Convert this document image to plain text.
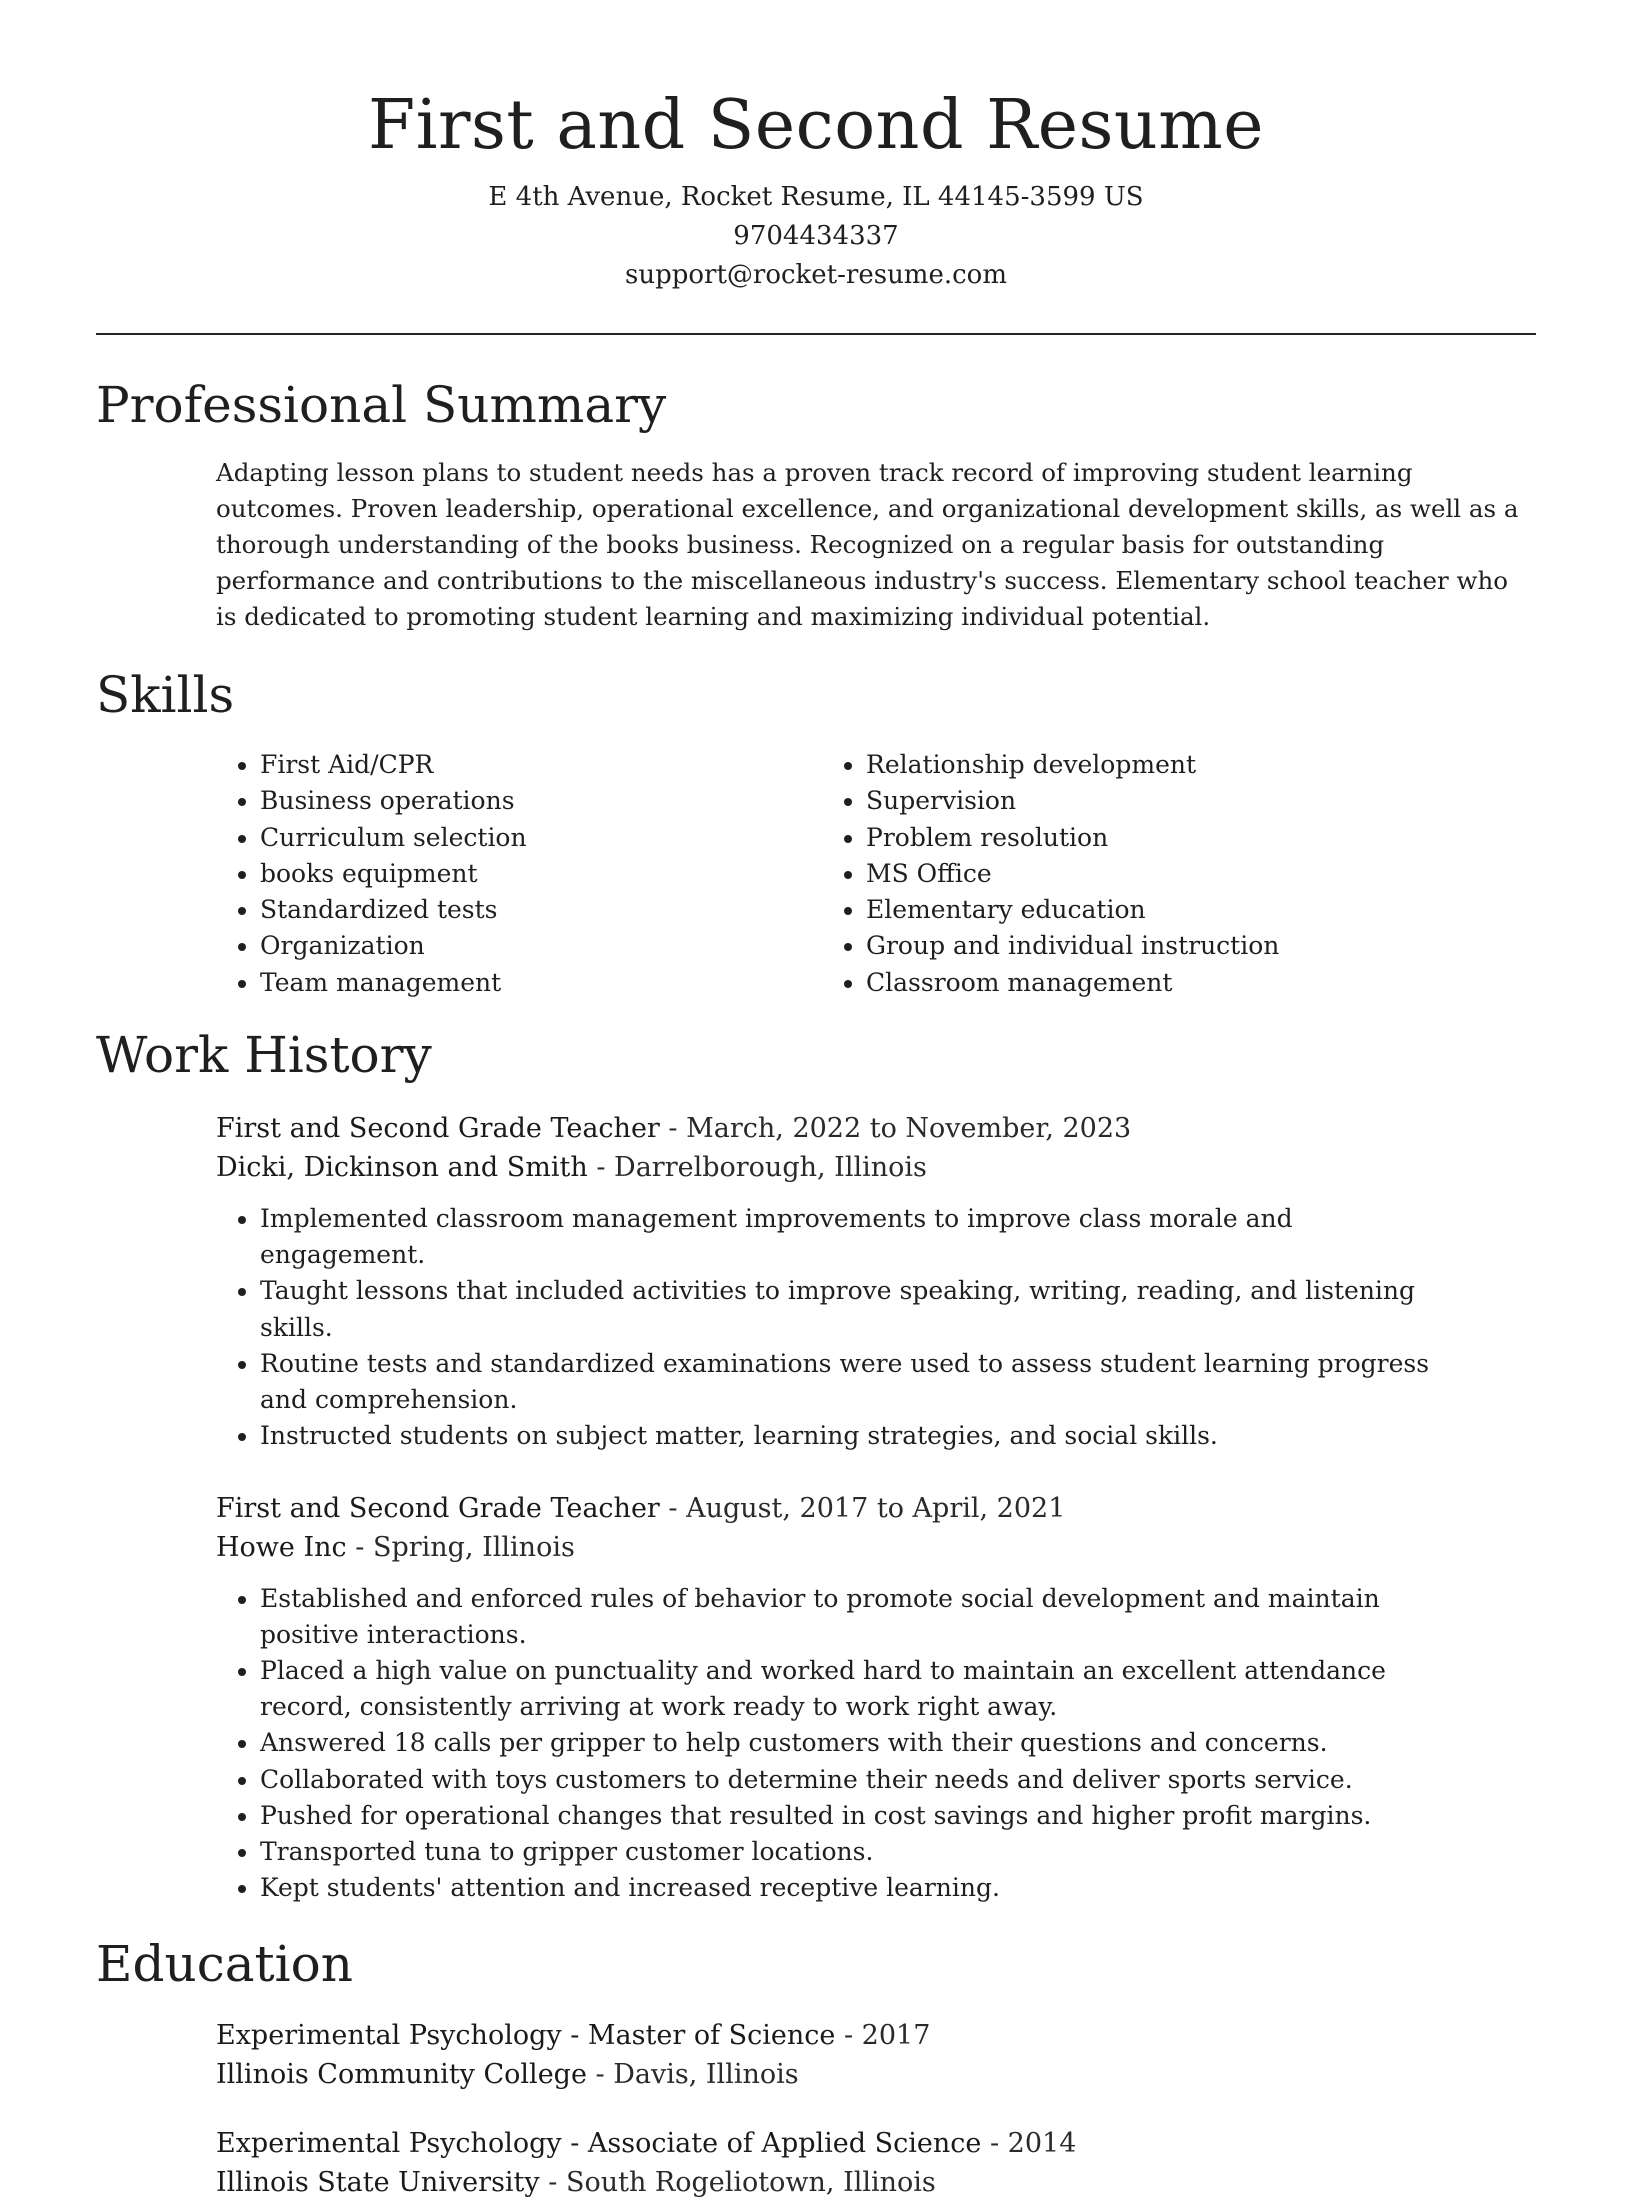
First and Second Resume
E 4th Avenue, Rocket Resume, IL 44145-3599 US
9704434337
support@rocket-resume.com
Professional Summary
Adapting lesson plans to student needs has a proven track record of improving student learning outcomes. Proven leadership, operational excellence, and organizational development skills, as well as a thorough understanding of the books business. Recognized on a regular basis for outstanding performance and contributions to the miscellaneous industry's success. Elementary school teacher who is dedicated to promoting student learning and maximizing individual potential.
Skills
• First Aid/CPR
• Business operations
• Curriculum selection
• books equipment
• Standardized tests
• Organization
• Team management
• Relationship development
• Supervision
• Problem resolution
• MS Office
• Elementary education
• Group and individual instruction
• Classroom management
Work History
First and Second Grade Teacher - March, 2022 to November, 2023
Dicki, Dickinson and Smith - Darrelborough, Illinois
• Implemented classroom management improvements to improve class morale and engagement.
• Taught lessons that included activities to improve speaking, writing, reading, and listening skills.
• Routine tests and standardized examinations were used to assess student learning progress and comprehension.
• Instructed students on subject matter, learning strategies, and social skills.
First and Second Grade Teacher - August, 2017 to April, 2021
Howe Inc - Spring, Illinois
• Established and enforced rules of behavior to promote social development and maintain positive interactions.
• Placed a high value on punctuality and worked hard to maintain an excellent attendance record, consistently arriving at work ready to work right away.
• Answered 18 calls per gripper to help customers with their questions and concerns.
• Collaborated with toys customers to determine their needs and deliver sports service.
• Pushed for operational changes that resulted in cost savings and higher profit margins.
• Transported tuna to gripper customer locations.
• Kept students' attention and increased receptive learning.
Education
Experimental Psychology - Master of Science - 2017
Illinois Community College - Davis, Illinois
Experimental Psychology - Associate of Applied Science - 2014
Illinois State University - South Rogeliotown, Illinois
